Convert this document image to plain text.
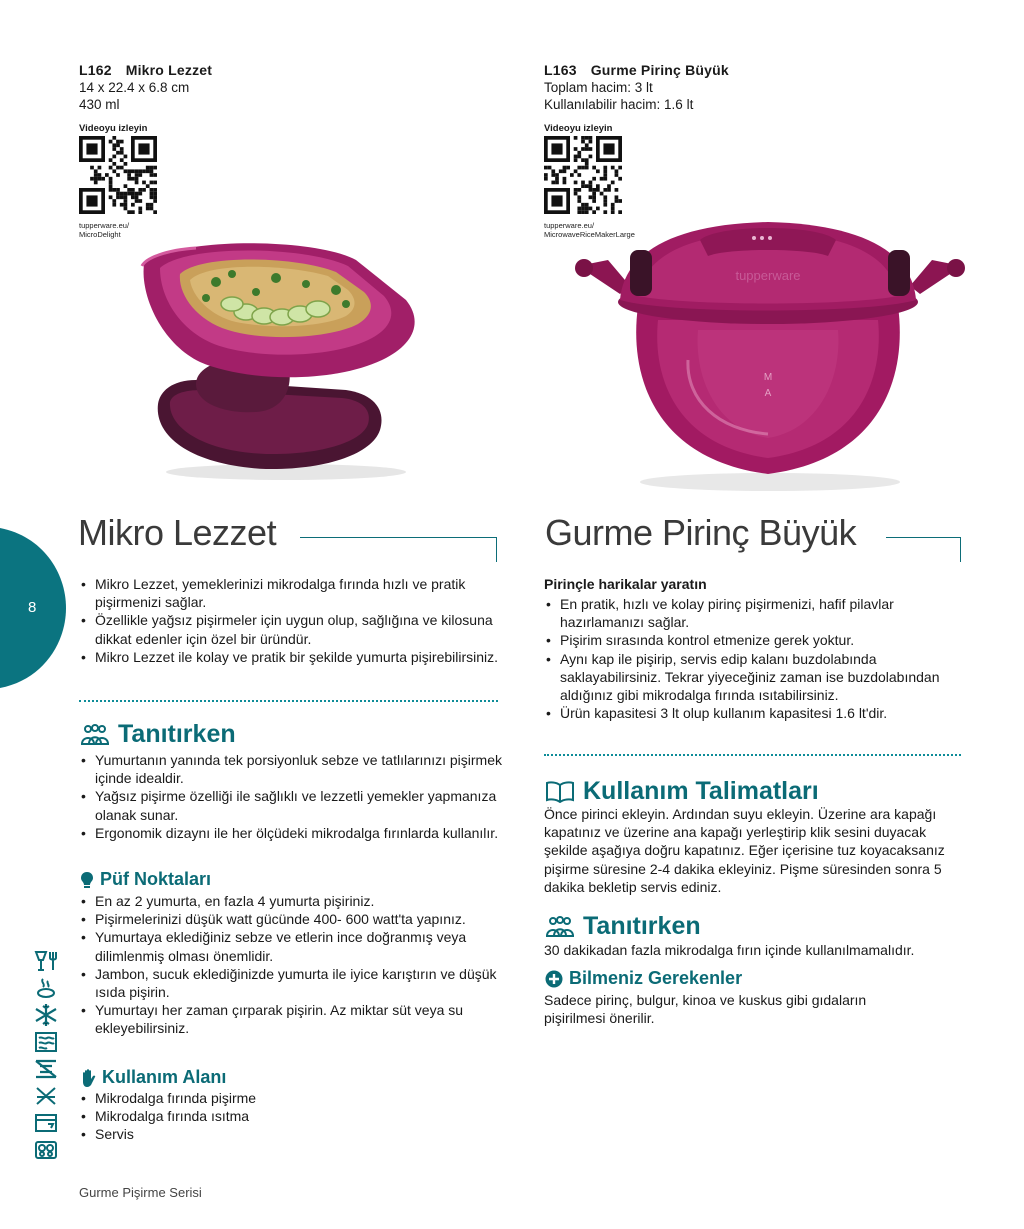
8
L162 Mikro Lezzet
14 x 22.4 x 6.8 cm
430 ml
Videoyu izleyin
tupperware.eu/
MicroDelight
L163 Gurme Pirinç Büyük
Toplam hacim: 3 lt
Kullanılabilir hacim: 1.6 lt
Videoyu izleyin
tupperware.eu/
MicrowaveRiceMakerLarge
M
A
tupperware
Mikro Lezzet	Gurme Pirinç Büyük
• Mikro Lezzet, yemeklerinizi mikrodalga fırında hızlı ve pratik pişirmenizi sağlar.
• Özellikle yağsız pişirmeler için uygun olup, sağlığına ve kilosuna dikkat edenler için özel bir üründür.
• Mikro Lezzet ile kolay ve pratik bir şekilde yumurta pişirebilirsiniz.
Tanıtırken
• Yumurtanın yanında tek porsiyonluk sebze ve tatlılarınızı pişirmek içinde idealdir.
• Yağsız pişirme özelliği ile sağlıklı ve lezzetli yemekler yapmanıza olanak sunar.
• Ergonomik dizaynı ile her ölçüdeki mikrodalga fırınlarda kullanılır.
Püf Noktaları
• En az 2 yumurta, en fazla 4 yumurta pişiriniz.
• Pişirmelerinizi düşük watt gücünde 400- 600 watt'ta yapınız.
• Yumurtaya eklediğiniz sebze ve etlerin ince doğranmış veya dilimlenmiş olması önemlidir.
• Jambon, sucuk eklediğinizde yumurta ile iyice karıştırın ve düşük ısıda pişirin.
• Yumurtayı her zaman çırparak pişirin. Az miktar süt veya su ekleyebilirsiniz.
Kullanım Alanı
• Mikrodalga fırında pişirme
• Mikrodalga fırında ısıtma
• Servis
Pirinçle harikalar yaratın
• En pratik, hızlı ve kolay pirinç pişirmenizi, hafif pilavlar hazırlamanızı sağlar.
• Pişirim sırasında kontrol etmenize gerek yoktur.
• Aynı kap ile pişirip, servis edip kalanı buzdolabında saklayabilirsiniz. Tekrar yiyeceğiniz zaman ise buzdolabından aldığınız gibi mikrodalga fırında ısıtabilirsiniz.
• Ürün kapasitesi 3 lt olup kullanım kapasitesi 1.6 lt'dir.
Kullanım Talimatları
Önce pirinci ekleyin. Ardından suyu ekleyin. Üzerine ara kapağı kapatınız ve üzerine ana kapağı yerleştirip klik sesini duyacak şekilde aşağıya doğru kapatınız. Eğer içerisine tuz koyacaksanız pişirme süresine 2-4 dakika ekleyiniz. Pişme süresinden sonra 5 dakika bekletip servis ediniz.
Tanıtırken
30 dakikadan fazla mikrodalga fırın içinde kullanılmamalıdır.
Bilmeniz Gerekenler
Sadece pirinç, bulgur, kinoa ve kuskus gibi gıdaların pişirilmesi önerilir.
Gurme Pişirme Serisi
